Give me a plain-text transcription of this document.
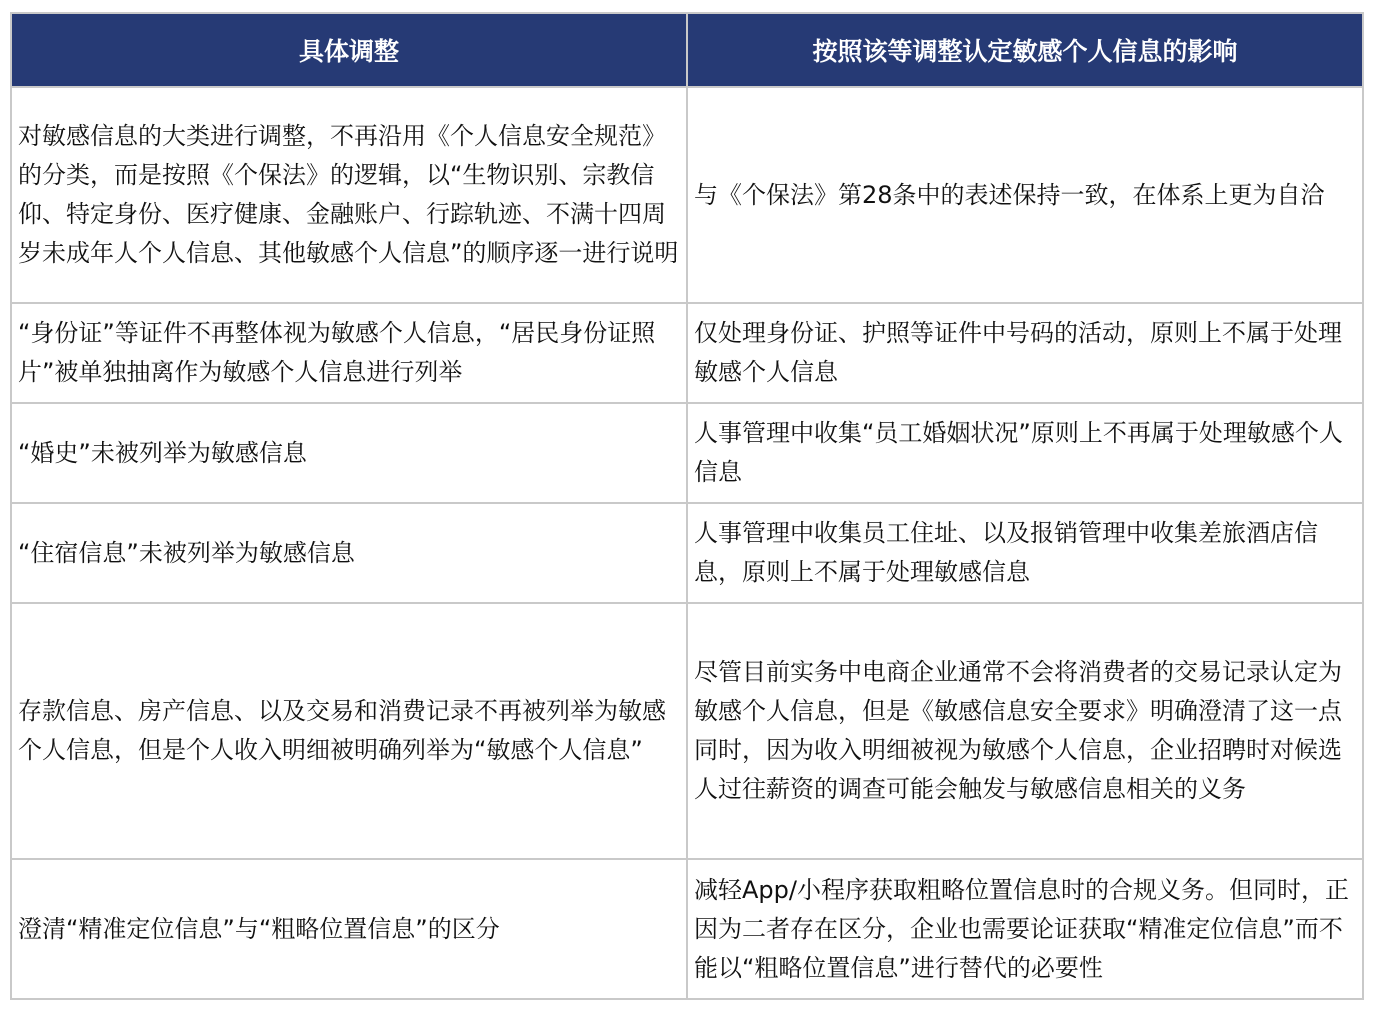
具体调整	按照该等调整认定敏感个人信息的影响
对敏感信息的大类进行调整，不再沿用《个人信息安全规范》的分类，而是按照《个保法》的逻辑，以“生物识别、宗教信仰、特定身份、医疗健康、金融账户、行踪轨迹、不满十四周岁未成年人个人信息、其他敏感个人信息”的顺序逐一进行说明	与《个保法》第28条中的表述保持一致，在体系上更为自洽

“身份证”等证件不再整体视为敏感个人信息，“居民身份证照片”被单独抽离作为敏感个人信息进行列举	仅处理身份证、护照等证件中号码的活动，原则上不属于处理敏感个人信息

“婚史”未被列举为敏感信息	人事管理中收集“员工婚姻状况”原则上不再属于处理敏感个人信息

“住宿信息”未被列举为敏感信息	人事管理中收集员工住址、以及报销管理中收集差旅酒店信息，原则上不属于处理敏感信息

存款信息、房产信息、以及交易和消费记录不再被列举为敏感个人信息，但是个人收入明细被明确列举为“敏感个人信息”	尽管目前实务中电商企业通常不会将消费者的交易记录认定为敏感个人信息，但是《敏感信息安全要求》明确澄清了这一点
同时，因为收入明细被视为敏感个人信息，企业招聘时对候选人过往薪资的调查可能会触发与敏感信息相关的义务

澄清“精准定位信息”与“粗略位置信息”的区分	减轻App/小程序获取粗略位置信息时的合规义务。但同时，正因为二者存在区分，企业也需要论证获取“精准定位信息”而不能以“粗略位置信息”进行替代的必要性
